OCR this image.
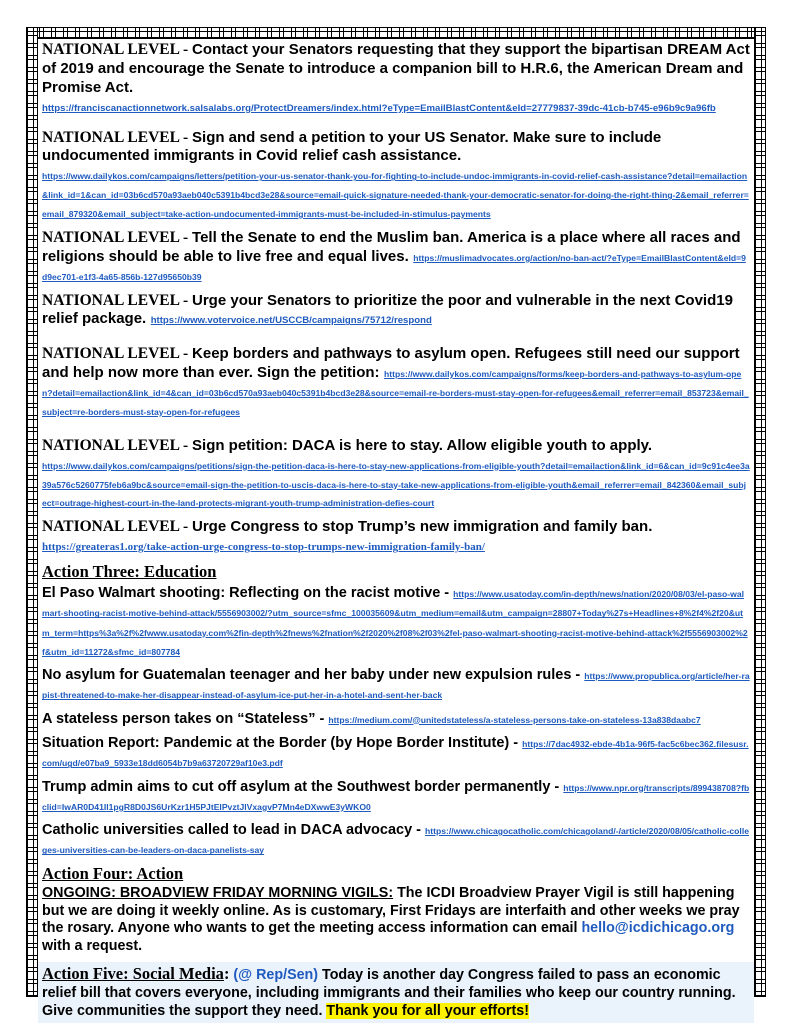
NATIONAL LEVEL - Contact your Senators requesting that they support the bipartisan DREAM Act of 2019 and encourage the Senate to introduce a companion bill to H.R.6, the American Dream and Promise Act.
https://franciscanactionnetwork.salsalabs.org/ProtectDreamers/index.html?eType=EmailBlastContent&eId=27779837-39dc-41cb-b745-e96b9c9a96fb
NATIONAL LEVEL - Sign and send a petition to your US Senator. Make sure to include undocumented immigrants in Covid relief cash assistance.
https://www.dailykos.com/campaigns/letters/petition-your-us-senator-thank-you-for-fighting-to-include-undoc-immigrants-in-covid-relief-cash-assistance?detail=emailaction&link_id=1&can_id=03b6cd570a93aeb040c5391b4bcd3e28&source=email-quick-signature-needed-thank-your-democratic-senator-for-doing-the-right-thing-2&email_referrer=email_879320&email_subject=take-action-undocumented-immigrants-must-be-included-in-stimulus-payments
NATIONAL LEVEL - Tell the Senate to end the Muslim ban. America is a place where all races and religions should be able to live free and equal lives. https://muslimadvocates.org/action/no-ban-act/?eType=EmailBlastContent&eId=9d9ec701-e1f3-4a65-856b-127d95650b39
NATIONAL LEVEL - Urge your Senators to prioritize the poor and vulnerable in the next Covid19 relief package. https://www.votervoice.net/USCCB/campaigns/75712/respond
NATIONAL LEVEL - Keep borders and pathways to asylum open. Refugees still need our support and help now more than ever. Sign the petition: https://www.dailykos.com/campaigns/forms/keep-borders-and-pathways-to-asylum-open?detail=emailaction&link_id=4&can_id=03b6cd570a93aeb040c5391b4bcd3e28&source=email-re-borders-must-stay-open-for-refugees&email_referrer=email_853723&email_subject=re-borders-must-stay-open-for-refugees
NATIONAL LEVEL - Sign petition: DACA is here to stay. Allow eligible youth to apply.
https://www.dailykos.com/campaigns/petitions/sign-the-petition-daca-is-here-to-stay-new-applications-from-eligible-youth?detail=emailaction&link_id=6&can_id=9c91c4ee3a39a576c5260775feb6a9bc&source=email-sign-the-petition-to-uscis-daca-is-here-to-stay-take-new-applications-from-eligible-youth&email_referrer=email_842360&email_subject=outrage-highest-court-in-the-land-protects-migrant-youth-trump-administration-defies-court
NATIONAL LEVEL - Urge Congress to stop Trump’s new immigration and family ban.
https://greateras1.org/take-action-urge-congress-to-stop-trumps-new-immigration-family-ban/
Action Three: Education
El Paso Walmart shooting: Reflecting on the racist motive - https://www.usatoday.com/in-depth/news/nation/2020/08/03/el-paso-walmart-shooting-racist-motive-behind-attack/5556903002/?utm_source=sfmc_100035609&utm_medium=email&utm_campaign=28807+Today%27s+Headlines+8%2f4%2f20&utm_term=https%3a%2f%2fwww.usatoday.com%2fin-depth%2fnews%2fnation%2f2020%2f08%2f03%2fel-paso-walmart-shooting-racist-motive-behind-attack%2f5556903002%2f&utm_id=11272&sfmc_id=807784
No asylum for Guatemalan teenager and her baby under new expulsion rules - https://www.propublica.org/article/her-rapist-threatened-to-make-her-disappear-instead-of-asylum-ice-put-her-in-a-hotel-and-sent-her-back
A stateless person takes on “Stateless” - https://medium.com/@unitedstateless/a-stateless-persons-take-on-stateless-13a838daabc7
Situation Report: Pandemic at the Border (by Hope Border Institute) - https://7dac4932-ebde-4b1a-96f5-fac5c6bec362.filesusr.com/ugd/e07ba9_5933e18dd6054b7b9a63720729af10e3.pdf
Trump admin aims to cut off asylum at the Southwest border permanently - https://www.npr.org/transcripts/899438708?fbclid=IwAR0D41Il1pgR8D0JS6UrKzr1H5PJtElPvztJlVxagvP7Mn4eDXwwE3yWKO0
Catholic universities called to lead in DACA advocacy - https://www.chicagocatholic.com/chicagoland/-/article/2020/08/05/catholic-colleges-universities-can-be-leaders-on-daca-panelists-say
Action Four: Action
ONGOING: BROADVIEW FRIDAY MORNING VIGILS: The ICDI Broadview Prayer Vigil is still happening but we are doing it weekly online. As is customary, First Fridays are interfaith and other weeks we pray the rosary. Anyone who wants to get the meeting access information can email hello@icdichicago.org with a request.
Action Five: Social Media: (@ Rep/Sen) Today is another day Congress failed to pass an economic relief bill that covers everyone, including immigrants and their families who keep our country running. Give communities the support they need. Thank you for all your efforts!
